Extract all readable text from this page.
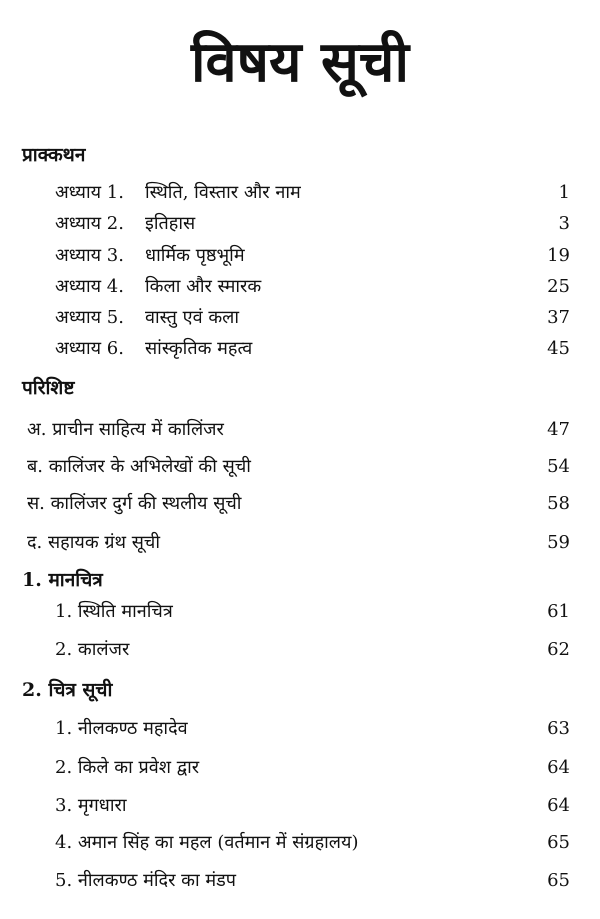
विषय सूची
प्राक्कथन
परिशिष्ट
1. मानचित्र
2. चित्र सूची
अध्याय 1. स्थिति, विस्तार और नाम	1
अध्याय 2. इतिहास	3
अध्याय 3. धार्मिक पृष्ठभूमि	19
अध्याय 4. किला और स्मारक	25
अध्याय 5. वास्तु एवं कला	37
अध्याय 6. सांस्कृतिक महत्व	45
अ. प्राचीन साहित्य में कालिंजर	47
ब. कालिंजर के अभिलेखों की सूची	54
स. कालिंजर दुर्ग की स्थलीय सूची	58
द. सहायक ग्रंथ सूची	59
1. स्थिति मानचित्र	61
2. कालंजर	62
1. नीलकण्ठ महादेव	63
2. किले का प्रवेश द्वार	64
3. मृगधारा	64
4. अमान सिंह का महल (वर्तमान में संग्रहालय)	65
5. नीलकण्ठ मंदिर का मंडप	65
